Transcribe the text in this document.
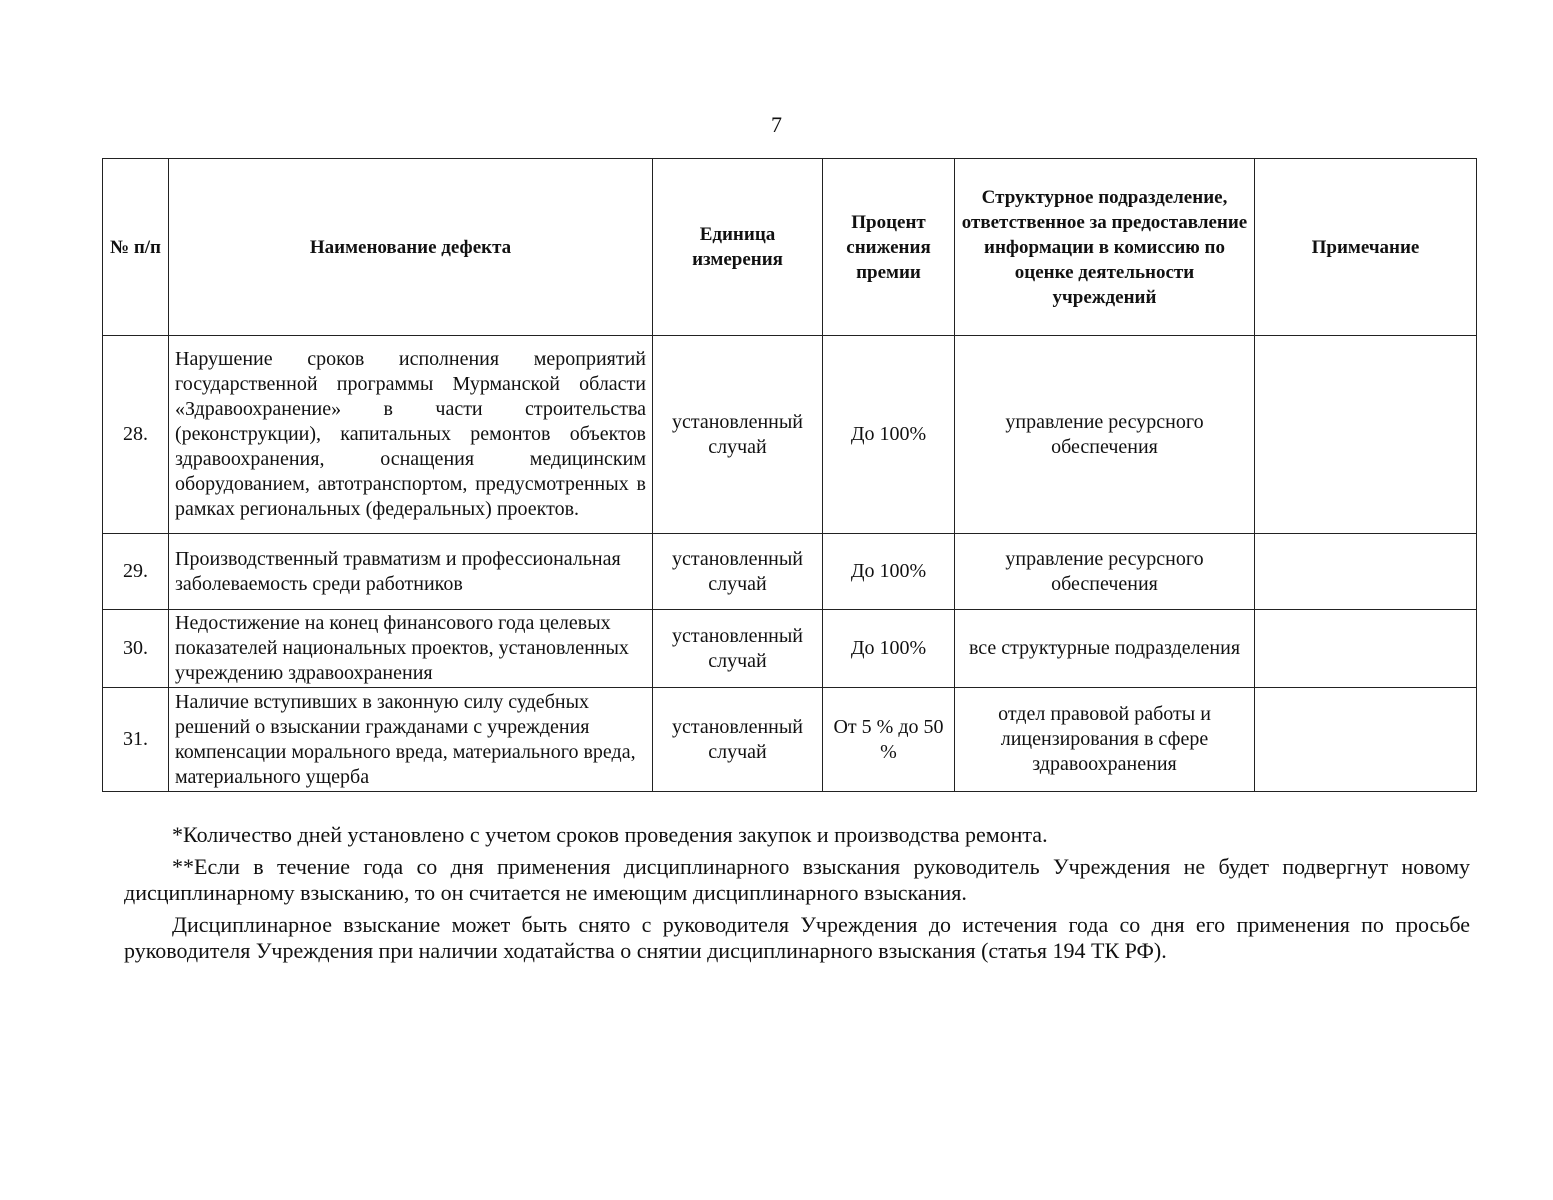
7
№ п/п	Наименование дефекта	Единица измерения	Процент снижения премии	Структурное подразделение, ответственное за предоставление информации в комиссию по оценке деятельности учреждений	Примечание
28.	Нарушение сроков исполнения мероприятий государственной программы Мурманской области «Здравоохранение» в части строительства (реконструкции), капитальных ремонтов объектов здравоохранения, оснащения медицинским оборудованием, автотранспортом, предусмотренных в рамках региональных (федеральных) проектов.	установленный случай	До 100%	управление ресурсного обеспечения	
29.	Производственный травматизм и профессиональная заболеваемость среди работников	установленный случай	До 100%	управление ресурсного обеспечения	
30.	Недостижение на конец финансового года целевых показателей национальных проектов, установленных учреждению здравоохранения	установленный случай	До 100%	все структурные подразделения	
31.	Наличие вступивших в законную силу судебных решений о взыскании гражданами с учреждения компенсации морального вреда, материального вреда, материального ущерба	установленный случай	От 5 % до 50 %	отдел правовой работы и лицензирования в сфере здравоохранения	

*Количество дней установлено с учетом сроков проведения закупок и производства ремонта.

**Если в течение года со дня применения дисциплинарного взыскания руководитель Учреждения не будет подвергнут новому дисциплинарному взысканию, то он считается не имеющим дисциплинарного взыскания.

Дисциплинарное взыскание может быть снято с руководителя Учреждения до истечения года со дня его применения по просьбе руководителя Учреждения при наличии ходатайства о снятии дисциплинарного взыскания (статья 194 ТК РФ).
